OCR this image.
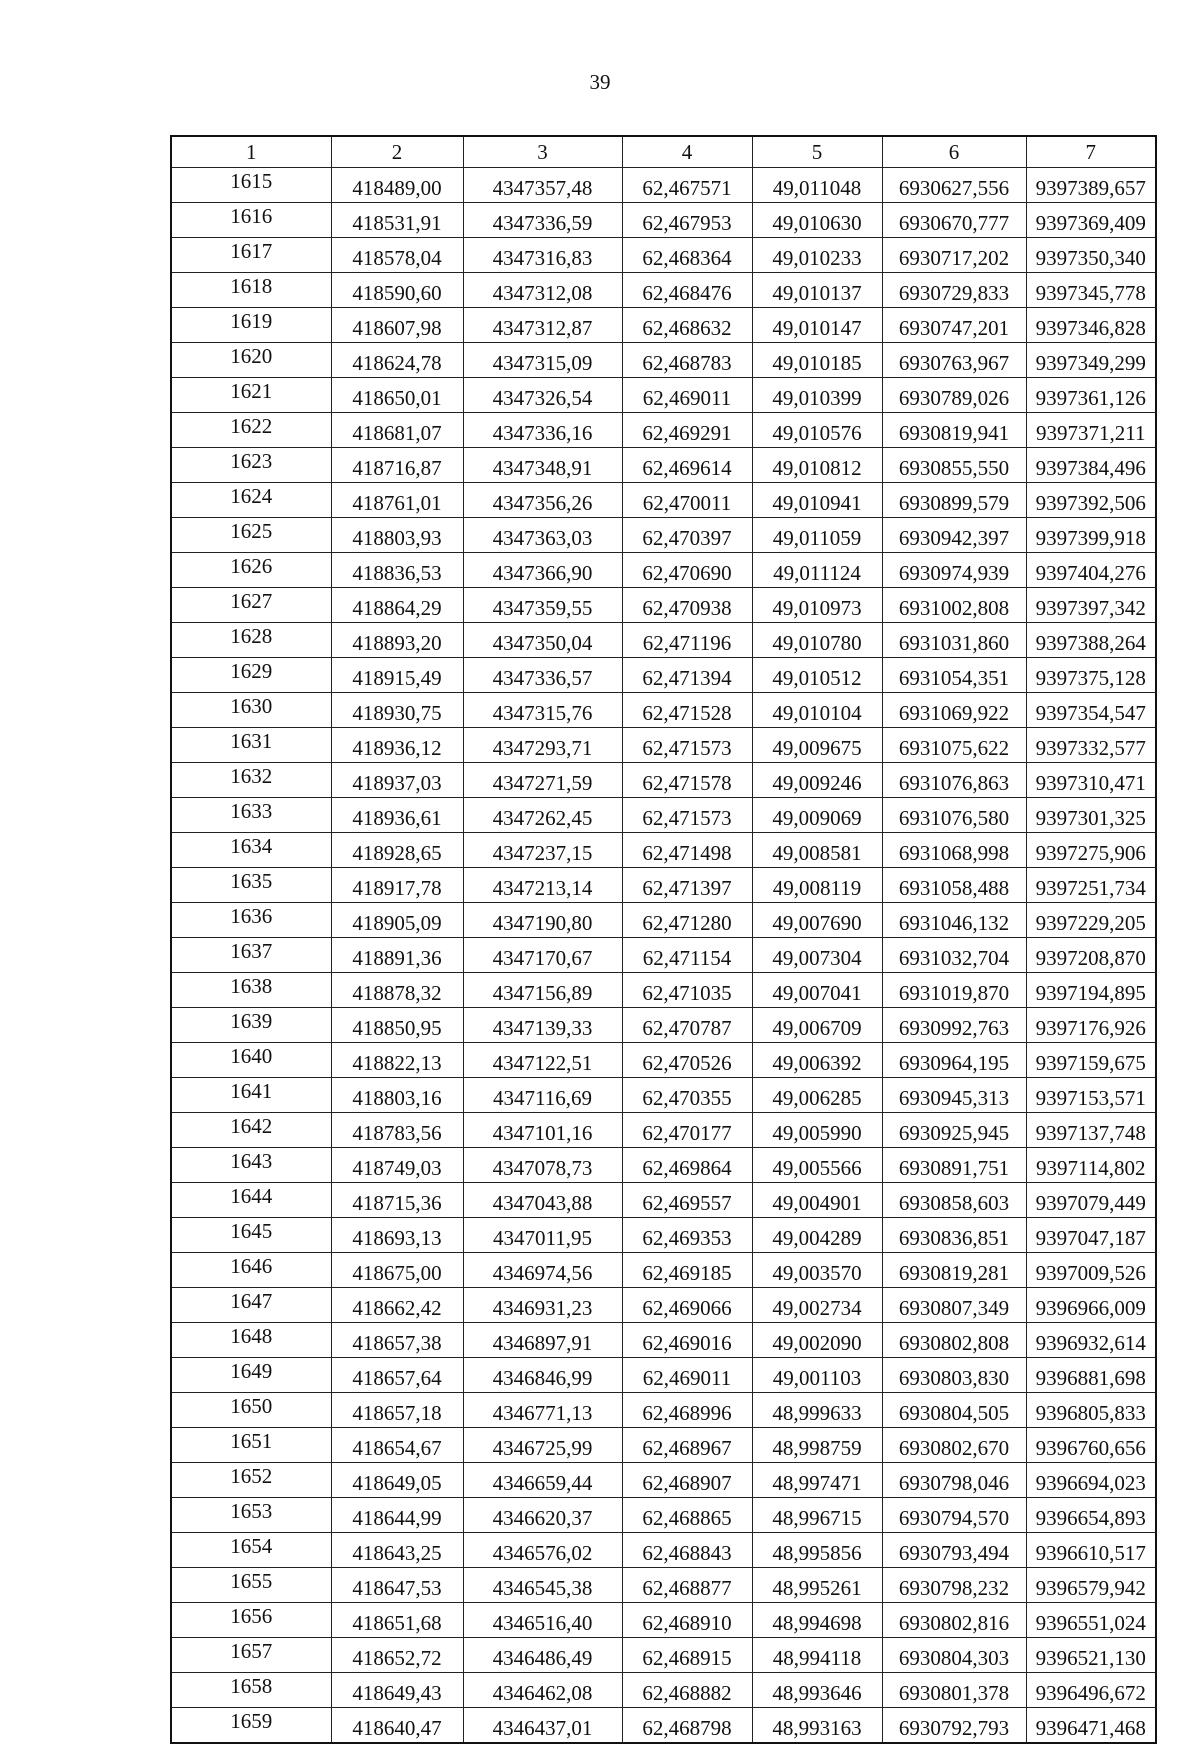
39
1	2	3	4	5	6	7
1615	418489,00	4347357,48	62,467571	49,011048	6930627,556	9397389,657
1616	418531,91	4347336,59	62,467953	49,010630	6930670,777	9397369,409
1617	418578,04	4347316,83	62,468364	49,010233	6930717,202	9397350,340
1618	418590,60	4347312,08	62,468476	49,010137	6930729,833	9397345,778
1619	418607,98	4347312,87	62,468632	49,010147	6930747,201	9397346,828
1620	418624,78	4347315,09	62,468783	49,010185	6930763,967	9397349,299
1621	418650,01	4347326,54	62,469011	49,010399	6930789,026	9397361,126
1622	418681,07	4347336,16	62,469291	49,010576	6930819,941	9397371,211
1623	418716,87	4347348,91	62,469614	49,010812	6930855,550	9397384,496
1624	418761,01	4347356,26	62,470011	49,010941	6930899,579	9397392,506
1625	418803,93	4347363,03	62,470397	49,011059	6930942,397	9397399,918
1626	418836,53	4347366,90	62,470690	49,011124	6930974,939	9397404,276
1627	418864,29	4347359,55	62,470938	49,010973	6931002,808	9397397,342
1628	418893,20	4347350,04	62,471196	49,010780	6931031,860	9397388,264
1629	418915,49	4347336,57	62,471394	49,010512	6931054,351	9397375,128
1630	418930,75	4347315,76	62,471528	49,010104	6931069,922	9397354,547
1631	418936,12	4347293,71	62,471573	49,009675	6931075,622	9397332,577
1632	418937,03	4347271,59	62,471578	49,009246	6931076,863	9397310,471
1633	418936,61	4347262,45	62,471573	49,009069	6931076,580	9397301,325
1634	418928,65	4347237,15	62,471498	49,008581	6931068,998	9397275,906
1635	418917,78	4347213,14	62,471397	49,008119	6931058,488	9397251,734
1636	418905,09	4347190,80	62,471280	49,007690	6931046,132	9397229,205
1637	418891,36	4347170,67	62,471154	49,007304	6931032,704	9397208,870
1638	418878,32	4347156,89	62,471035	49,007041	6931019,870	9397194,895
1639	418850,95	4347139,33	62,470787	49,006709	6930992,763	9397176,926
1640	418822,13	4347122,51	62,470526	49,006392	6930964,195	9397159,675
1641	418803,16	4347116,69	62,470355	49,006285	6930945,313	9397153,571
1642	418783,56	4347101,16	62,470177	49,005990	6930925,945	9397137,748
1643	418749,03	4347078,73	62,469864	49,005566	6930891,751	9397114,802
1644	418715,36	4347043,88	62,469557	49,004901	6930858,603	9397079,449
1645	418693,13	4347011,95	62,469353	49,004289	6930836,851	9397047,187
1646	418675,00	4346974,56	62,469185	49,003570	6930819,281	9397009,526
1647	418662,42	4346931,23	62,469066	49,002734	6930807,349	9396966,009
1648	418657,38	4346897,91	62,469016	49,002090	6930802,808	9396932,614
1649	418657,64	4346846,99	62,469011	49,001103	6930803,830	9396881,698
1650	418657,18	4346771,13	62,468996	48,999633	6930804,505	9396805,833
1651	418654,67	4346725,99	62,468967	48,998759	6930802,670	9396760,656
1652	418649,05	4346659,44	62,468907	48,997471	6930798,046	9396694,023
1653	418644,99	4346620,37	62,468865	48,996715	6930794,570	9396654,893
1654	418643,25	4346576,02	62,468843	48,995856	6930793,494	9396610,517
1655	418647,53	4346545,38	62,468877	48,995261	6930798,232	9396579,942
1656	418651,68	4346516,40	62,468910	48,994698	6930802,816	9396551,024
1657	418652,72	4346486,49	62,468915	48,994118	6930804,303	9396521,130
1658	418649,43	4346462,08	62,468882	48,993646	6930801,378	9396496,672
1659	418640,47	4346437,01	62,468798	48,993163	6930792,793	9396471,468
